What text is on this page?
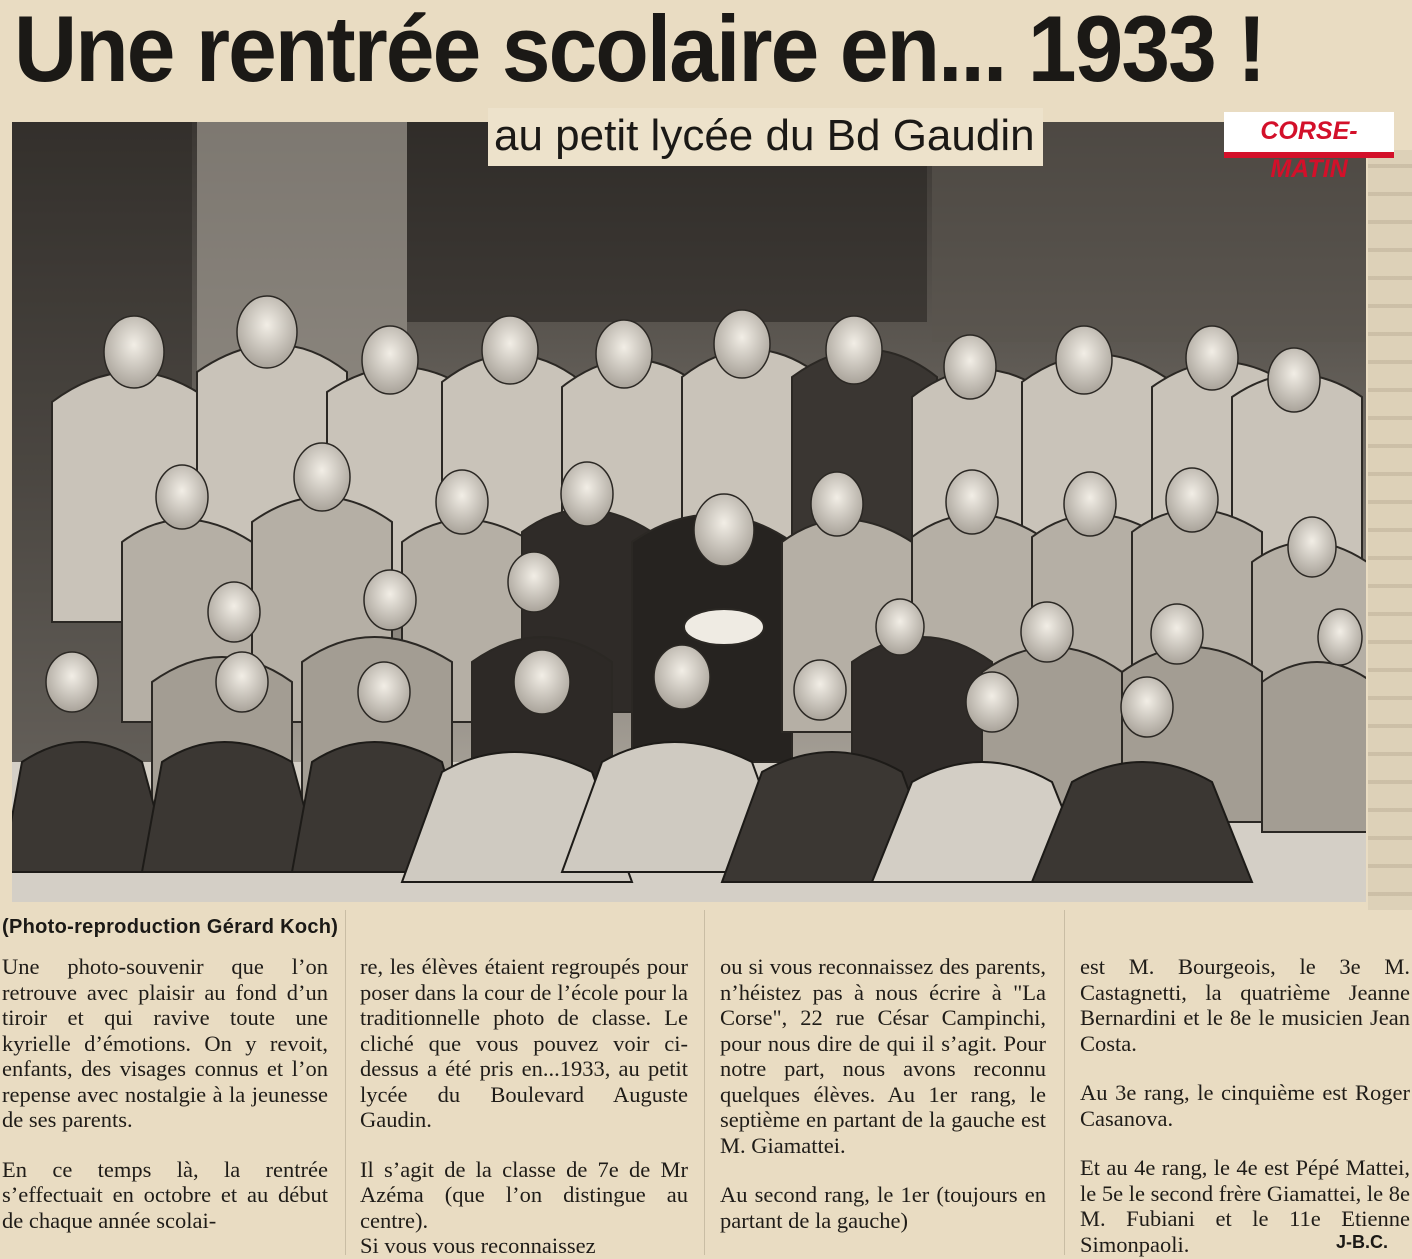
Une rentrée scolaire en... 1933 !
au petit lycée du Bd Gaudin	CORSE-MATIN
(Photo-reproduction Gérard Koch)

Une photo-souvenir que l’on retrouve avec plaisir au fond d’un tiroir et qui ravive toute une kyrielle d’émotions. On y revoit, enfants, des visages connus et l’on repense avec nostalgie à la jeunesse de ses parents.

En ce temps là, la rentrée s’effectuait en octobre et au début de chaque année scolai-

re, les élèves étaient regroupés pour poser dans la cour de l’école pour la traditionnelle photo de classe. Le cliché que vous pouvez voir ci-dessus a été pris en...1933, au petit lycée du Boulevard Auguste Gaudin.

Il s’agit de la classe de 7e de Mr Azéma (que l’on distingue au centre).

Si vous vous reconnaissez

ou si vous reconnaissez des parents, n’héistez pas à nous écrire à "La Corse", 22 rue César Campinchi, pour nous dire de qui il s’agit. Pour notre part, nous avons reconnu quelques élèves. Au 1er rang, le septième en partant de la gauche est M. Giamattei.

Au second rang, le 1er (toujours en partant de la gauche)

est M. Bourgeois, le 3e M. Castagnetti, la quatrième Jeanne Bernardini et le 8e le musicien Jean Costa.

Au 3e rang, le cinquième est Roger Casanova.

Et au 4e rang, le 4e est Pépé Mattei, le 5e le second frère Giamattei, le 8e M. Fubiani et le 11e Etienne Simonpaoli.	J-B.C.
